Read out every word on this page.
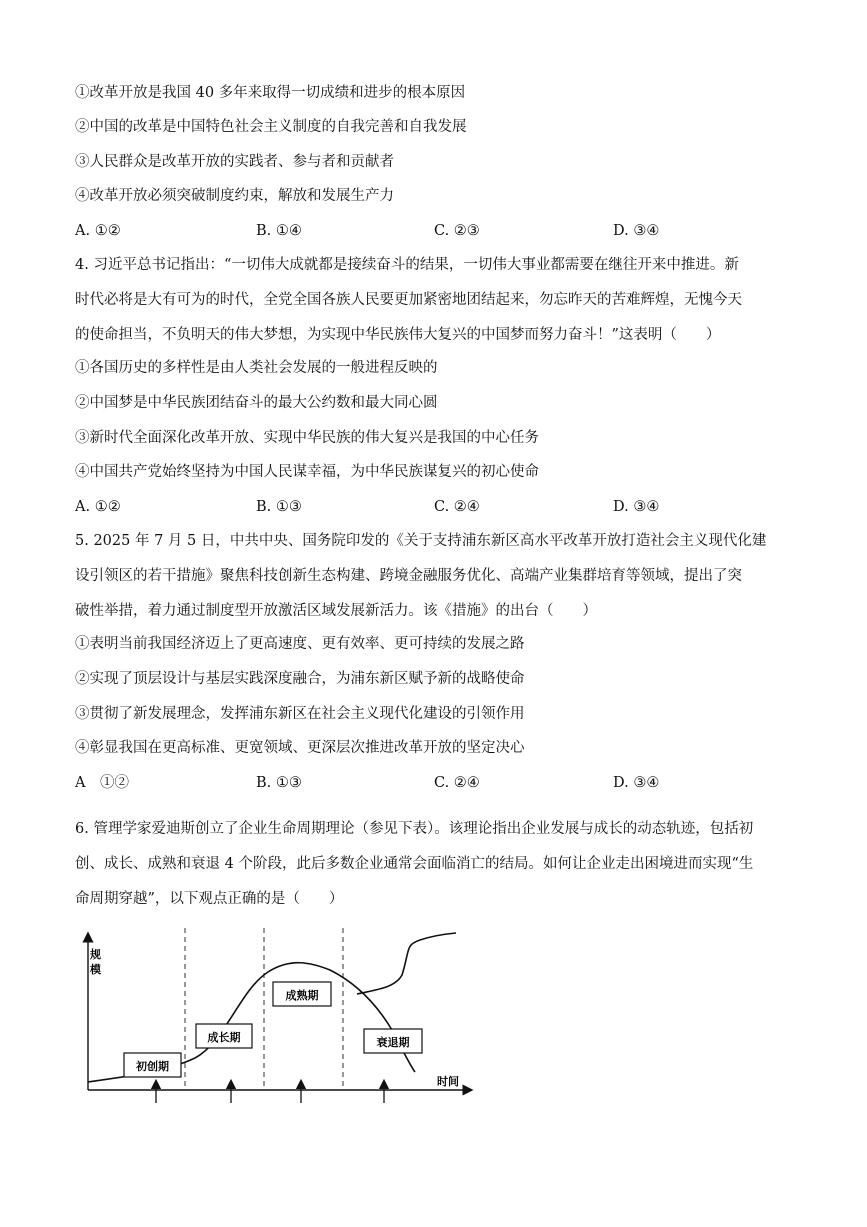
①改革开放是我国 40 多年来取得一切成绩和进步的根本原因
②中国的改革是中国特色社会主义制度的自我完善和自我发展
③人民群众是改革开放的实践者、参与者和贡献者
④改革开放必须突破制度约束，解放和发展生产力
A. ①②	B. ①④	C. ②③	D. ③④
4. 习近平总书记指出：“一切伟大成就都是接续奋斗的结果，一切伟大事业都需要在继往开来中推进。新
时代必将是大有可为的时代，全党全国各族人民要更加紧密地团结起来，勿忘昨天的苦难辉煌，无愧今天
的使命担当，不负明天的伟大梦想，为实现中华民族伟大复兴的中国梦而努力奋斗！”这表明（　　）
①各国历史的多样性是由人类社会发展的一般进程反映的
②中国梦是中华民族团结奋斗的最大公约数和最大同心圆
③新时代全面深化改革开放、实现中华民族的伟大复兴是我国的中心任务
④中国共产党始终坚持为中国人民谋幸福，为中华民族谋复兴的初心使命
A. ①②	B. ①③	C. ②④	D. ③④
5. 2025 年 7 月 5 日，中共中央、国务院印发的《关于支持浦东新区高水平改革开放打造社会主义现代化建
设引领区的若干措施》聚焦科技创新生态构建、跨境金融服务优化、高端产业集群培育等领域，提出了突
破性举措，着力通过制度型开放激活区域发展新活力。该《措施》的出台（　　）
①表明当前我国经济迈上了更高速度、更有效率、更可持续的发展之路
②实现了顶层设计与基层实践深度融合，为浦东新区赋予新的战略使命
③贯彻了新发展理念，发挥浦东新区在社会主义现代化建设的引领作用
④彰显我国在更高标准、更宽领域、更深层次推进改革开放的坚定决心
A　①②	B. ①③	C. ②④	D. ③④
6. 管理学家爱迪斯创立了企业生命周期理论（参见下表）。该理论指出企业发展与成长的动态轨迹，包括初
创、成长、成熟和衰退 4 个阶段，此后多数企业通常会面临消亡的结局。如何让企业走出困境进而实现“生
命周期穿越”，以下观点正确的是（　　）
规
模
时间
初创期
成长期
成熟期
衰退期
